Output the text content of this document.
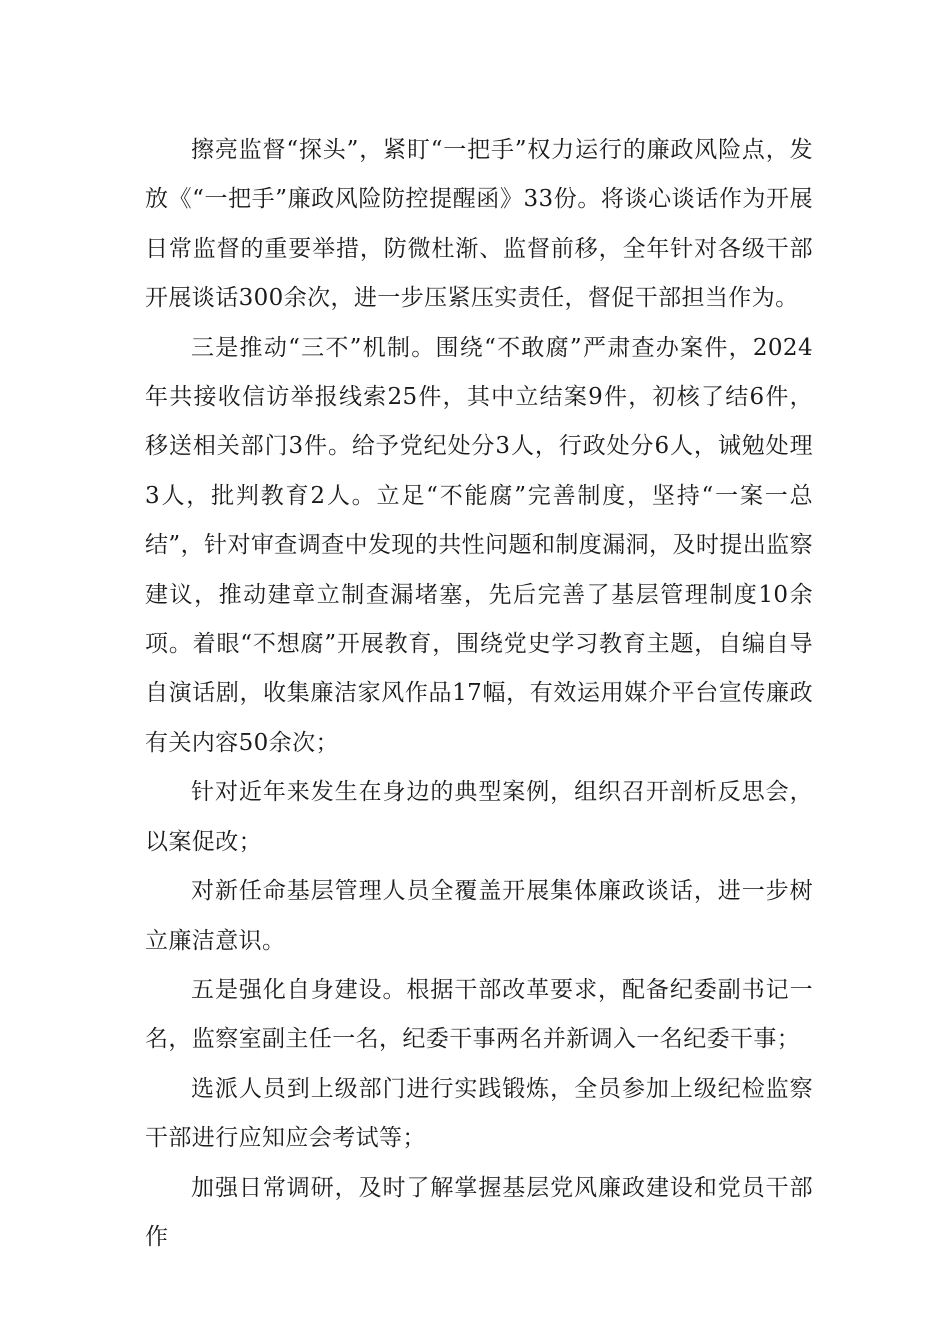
擦亮监督“探头”，紧盯“一把手”权力运行的廉政风险点，发放《“一把手”廉政风险防控提醒函》33份。将谈心谈话作为开展日常监督的重要举措，防微杜渐、监督前移，全年针对各级干部开展谈话300余次，进一步压紧压实责任，督促干部担当作为。

三是推动“三不”机制。围绕“不敢腐”严肃查办案件，2024年共接收信访举报线索25件，其中立结案9件，初核了结6件，移送相关部门3件。给予党纪处分3人，行政处分6人，诫勉处理3人，批判教育2人。立足“不能腐”完善制度，坚持“一案一总结”，针对审查调查中发现的共性问题和制度漏洞，及时提出监察建议，推动建章立制查漏堵塞，先后完善了基层管理制度10余项。着眼“不想腐”开展教育，围绕党史学习教育主题，自编自导自演话剧，收集廉洁家风作品17幅，有效运用媒介平台宣传廉政有关内容50余次；

针对近年来发生在身边的典型案例，组织召开剖析反思会，以案促改；

对新任命基层管理人员全覆盖开展集体廉政谈话，进一步树立廉洁意识。

五是强化自身建设。根据干部改革要求，配备纪委副书记一名，监察室副主任一名，纪委干事两名并新调入一名纪委干事；

选派人员到上级部门进行实践锻炼，全员参加上级纪检监察干部进行应知应会考试等；

加强日常调研，及时了解掌握基层党风廉政建设和党员干部作
